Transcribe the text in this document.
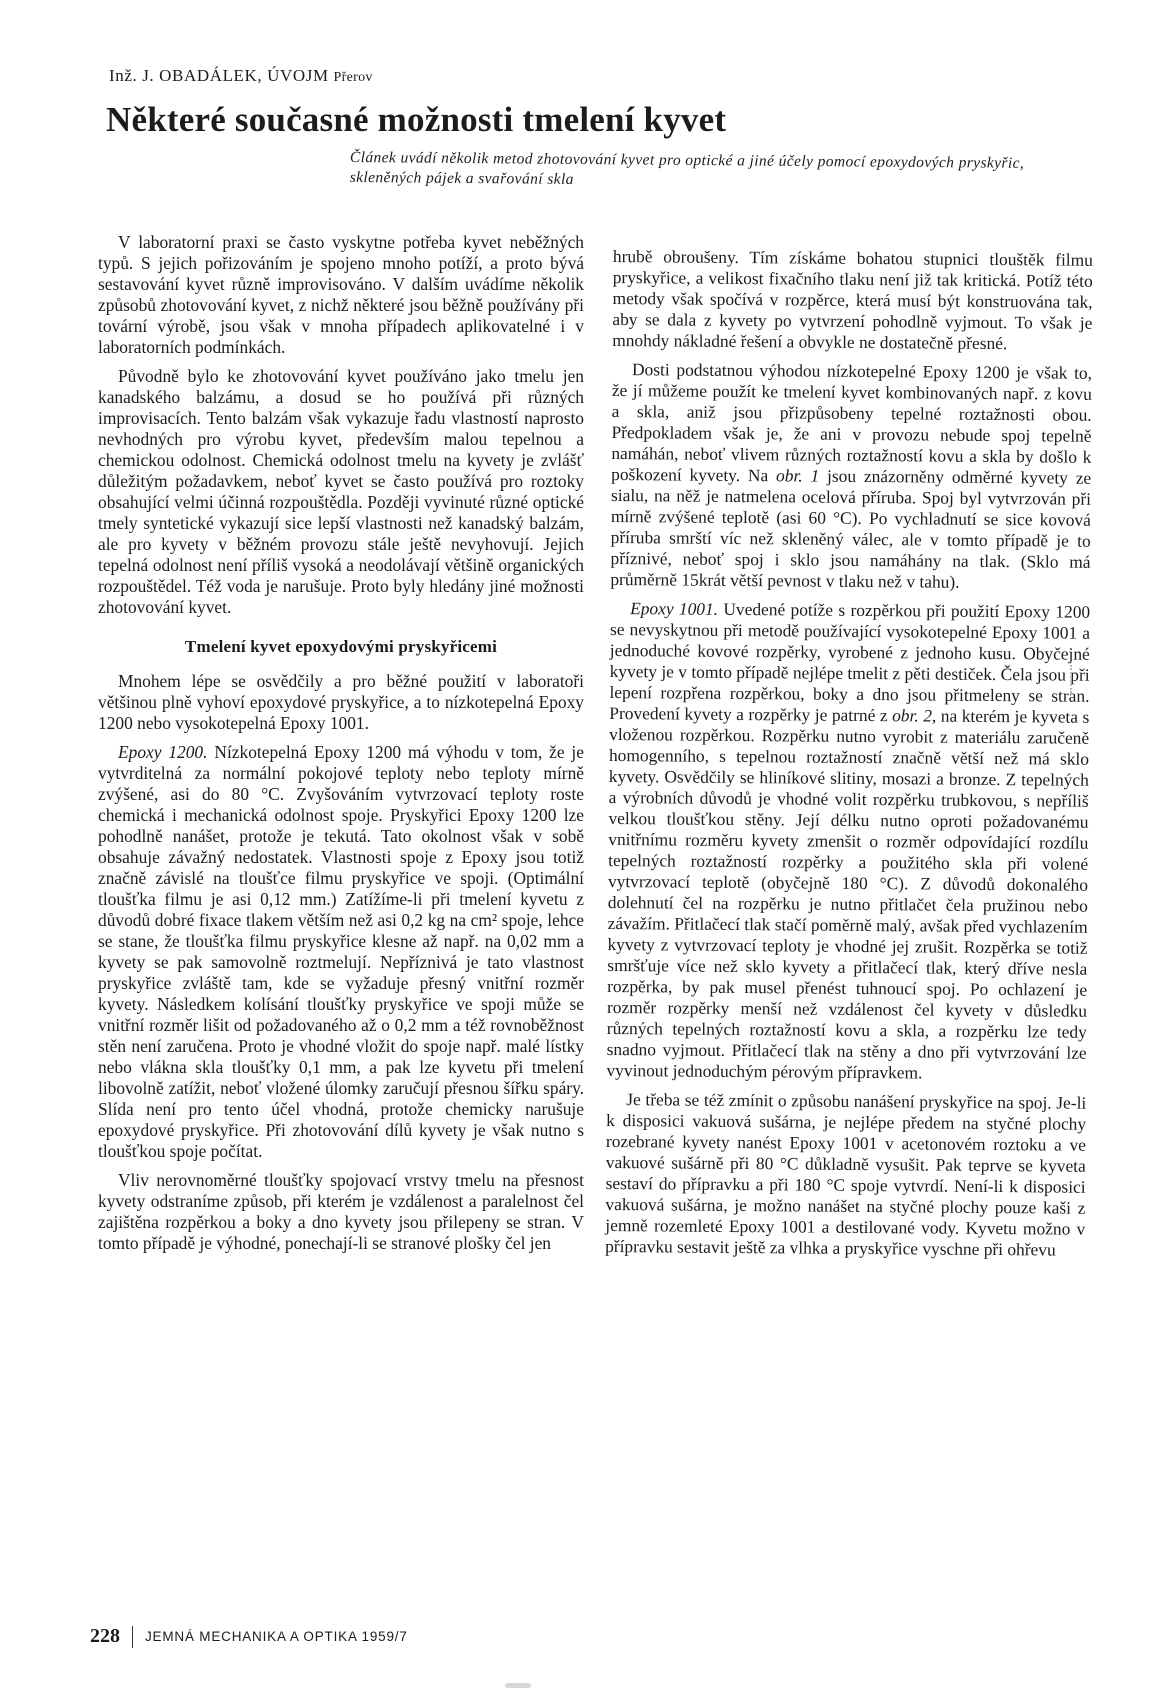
Inž. J. OBADÁLEK, ÚVOJM Přerov
Některé současné možnosti tmelení kyvet
Článek uvádí několik metod zhotovování kyvet pro optické a jiné účely pomocí epoxydových pryskyřic, skleněných pájek a svařování skla

V laboratorní praxi se často vyskytne potřeba kyvet neběžných typů. S jejich pořizováním je spojeno mnoho potíží, a proto bývá sestavování kyvet různě improvisováno. V dalším uvádíme několik způsobů zhotovování kyvet, z nichž některé jsou běžně používány při tovární výrobě, jsou však v mnoha případech aplikovatelné i v laboratorních podmínkách.

Původně bylo ke zhotovování kyvet používáno jako tmelu jen kanadského balzámu, a dosud se ho používá při různých improvisacích. Tento balzám však vykazuje řadu vlastností naprosto nevhodných pro výrobu kyvet, především malou tepelnou a chemickou odolnost. Chemická odolnost tmelu na kyvety je zvlášť důležitým požadavkem, neboť kyvet se často používá pro roztoky obsahující velmi účinná rozpouštědla. Později vyvinuté různé optické tmely syntetické vykazují sice lepší vlastnosti než kanadský balzám, ale pro kyvety v běžném provozu stále ještě nevyhovují. Jejich tepelná odolnost není příliš vysoká a neodolávají většině organických rozpouštědel. Též voda je narušuje. Proto byly hledány jiné možnosti zhotovování kyvet.

Tmelení kyvet epoxydovými pryskyřicemi

Mnohem lépe se osvědčily a pro běžné použití v laboratoři většinou plně vyhoví epoxydové pryskyřice, a to nízkotepelná Epoxy 1200 nebo vysokotepelná Epoxy 1001.

Epoxy 1200. Nízkotepelná Epoxy 1200 má výhodu v tom, že je vytvrditelná za normální pokojové teploty nebo teploty mírně zvýšené, asi do 80 °C. Zvyšováním vytvrzovací teploty roste chemická i mechanická odolnost spoje. Pryskyřici Epoxy 1200 lze pohodlně nanášet, protože je tekutá. Tato okolnost však v sobě obsahuje závažný nedostatek. Vlastnosti spoje z Epoxy jsou totiž značně závislé na tloušťce filmu pryskyřice ve spoji. (Optimální tloušťka filmu je asi 0,12 mm.) Zatížíme-li při tmelení kyvetu z důvodů dobré fixace tlakem větším než asi 0,2 kg na cm² spoje, lehce se stane, že tloušťka filmu pryskyřice klesne až např. na 0,02 mm a kyvety se pak samovolně roztmelují. Nepříznivá je tato vlastnost pryskyřice zvláště tam, kde se vyžaduje přesný vnitřní rozměr kyvety. Následkem kolísání tloušťky pryskyřice ve spoji může se vnitřní rozměr lišit od požadovaného až o 0,2 mm a též rovnoběžnost stěn není zaručena. Proto je vhodné vložit do spoje např. malé lístky nebo vlákna skla tloušťky 0,1 mm, a pak lze kyvetu při tmelení libovolně zatížit, neboť vložené úlomky zaručují přesnou šířku spáry. Slída není pro tento účel vhodná, protože chemicky narušuje epoxydové pryskyřice. Při zhotovování dílů kyvety je však nutno s tloušťkou spoje počítat.

Vliv nerovnoměrné tloušťky spojovací vrstvy tmelu na přesnost kyvety odstraníme způsob, při kterém je vzdálenost a paralelnost čel zajištěna rozpěrkou a boky a dno kyvety jsou přilepeny se stran. V tomto případě je výhodné, ponechají-li se stranové plošky čel jen

hrubě obroušeny. Tím získáme bohatou stupnici tlouštěk filmu pryskyřice, a velikost fixačního tlaku není již tak kritická. Potíž této metody však spočívá v rozpěrce, která musí být konstruována tak, aby se dala z kyvety po vytvrzení pohodlně vyjmout. To však je mnohdy nákladné řešení a obvykle ne dostatečně přesné.

Dosti podstatnou výhodou nízkotepelné Epoxy 1200 je však to, že jí můžeme použít ke tmelení kyvet kombinovaných např. z kovu a skla, aniž jsou přizpůsobeny tepelné roztažnosti obou. Předpokladem však je, že ani v provozu nebude spoj tepelně namáhán, neboť vlivem různých roztažností kovu a skla by došlo k poškození kyvety. Na obr. 1 jsou znázorněny odměrné kyvety ze sialu, na něž je natmelena ocelová příruba. Spoj byl vytvrzován při mírně zvýšené teplotě (asi 60 °C). Po vychladnutí se sice kovová příruba smrští víc než skleněný válec, ale v tomto případě je to příznivé, neboť spoj i sklo jsou namáhány na tlak. (Sklo má průměrně 15krát větší pevnost v tlaku než v tahu).

Epoxy 1001. Uvedené potíže s rozpěrkou při použití Epoxy 1200 se nevyskytnou při metodě používající vysokotepelné Epoxy 1001 a jednoduché kovové rozpěrky, vyrobené z jednoho kusu. Obyčejné kyvety je v tomto případě nejlépe tmelit z pěti destiček. Čela jsou při lepení rozpřena rozpěrkou, boky a dno jsou přitmeleny se stran. Provedení kyvety a rozpěrky je patrné z obr. 2, na kterém je kyveta s vloženou rozpěrkou. Rozpěrku nutno vyrobit z materiálu zaručeně homogenního, s tepelnou roztažností značně větší než má sklo kyvety. Osvědčily se hliníkové slitiny, mosazi a bronze. Z tepelných a výrobních důvodů je vhodné volit rozpěrku trubkovou, s nepříliš velkou tloušťkou stěny. Její délku nutno oproti požadovanému vnitřnímu rozměru kyvety zmenšit o rozměr odpovídající rozdílu tepelných roztažností rozpěrky a použitého skla při volené vytvrzovací teplotě (obyčejně 180 °C). Z důvodů dokonalého dolehnutí čel na rozpěrku je nutno přitlačet čela pružinou nebo závažím. Přitlačecí tlak stačí poměrně malý, avšak před vychlazením kyvety z vytvrzovací teploty je vhodné jej zrušit. Rozpěrka se totiž smršťuje více než sklo kyvety a přitlačecí tlak, který dříve nesla rozpěrka, by pak musel přenést tuhnoucí spoj. Po ochlazení je rozměr rozpěrky menší než vzdálenost čel kyvety v důsledku různých tepelných roztažností kovu a skla, a rozpěrku lze tedy snadno vyjmout. Přitlačecí tlak na stěny a dno při vytvrzování lze vyvinout jednoduchým pérovým přípravkem.

Je třeba se též zmínit o způsobu nanášení pryskyřice na spoj. Je-li k disposici vakuová sušárna, je nejlépe předem na styčné plochy rozebrané kyvety nanést Epoxy 1001 v acetonovém roztoku a ve vakuové sušárně při 80 °C důkladně vysušit. Pak teprve se kyveta sestaví do přípravku a při 180 °C spoje vytvrdí. Není-li k disposici vakuová sušárna, je možno nanášet na styčné plochy pouze kaši z jemně rozemleté Epoxy 1001 a destilované vody. Kyvetu možno v přípravku sestavit ještě za vlhka a pryskyřice vyschne při ohřevu

228 JEMNÁ MECHANIKA A OPTIKA 1959/7
